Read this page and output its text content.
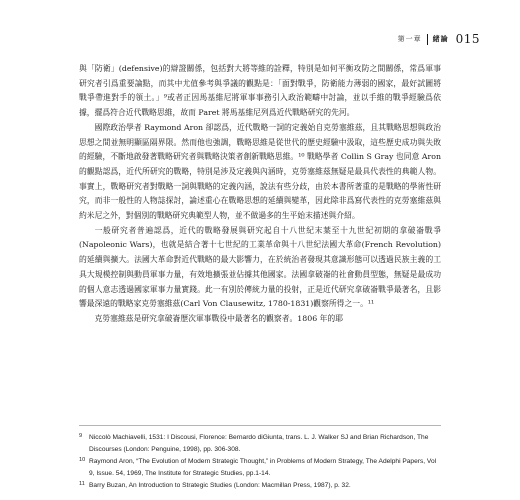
第一章 緒論 015

與「防衛」(defensive)的辯證關係，包括對大將等維的詮釋，特別是如何平衡攻防之間關係，常爲軍事研究者引爲重要論點，而其中尤值參考與爭議的觀點是：「面對戰爭，防衛能力薄弱的國家，最好試圖將戰爭帶進對手的領土。」⁹或者正因馬基維尼將軍事事務引入政治範疇中討論，並以手維的戰爭經驗爲依據，擺爲符合近代戰略思維，故而 Paret 將馬基維尼列爲近代戰略研究的先河。

國際政治學者 Raymond Aron 卻認爲，近代戰略一詞的定義始自克勞塞維茲，且其戰略思想與政治思想之間並無明顯區隔界限。然而他也強調，戰略思維是從世代的歷史經驗中汲取，這些歷史成功與失敗的經驗，不斷地啟發著戰略研究者與戰略決策者創新戰略思維。¹⁰ 戰略學者 Collin S Gray 也同意 Aron 的觀點認爲，近代所研究的戰略，特別是涉及定義與內涵時，克勞塞維茲無疑是最具代表性的典範人物。事實上，戰略研究者對戰略一詞與戰略的定義內涵，說法有些分歧，由於本書所著重的是戰略的學術性研究，而非一般性的人物誌探討，論述重心在戰略思想的延續與變革，因此除非爲寫代表性的克勞塞維茲與約米尼之外，對個別的戰略研究典範型人物，並不做過多的生平始末描述與介紹。

一般研究者普遍認爲，近代的戰略發展與研究起自十八世紀末葉至十九世紀初期的拿破崙戰爭(Napoleonic Wars)，也就是結合著十七世紀的工業革命與十八世紀法國大革命(French Revolution)的延續與擴大。法國大革命對近代戰略的最大影響力，在於統治者發現其意識形態可以透過民族主義的工具大規模控制與動員軍事力量，有效地擴張並佔據其他國家。法國拿破崙的社會動員型態，無疑是最成功的個人意志透過國家軍事力量實踐。此一有別於傳統力量的投射，正是近代研究拿破崙戰爭最著名，且影響最深遠的戰略家克勞塞維茲(Carl Von Clausewitz, 1780-1831)觀察所得之一。¹¹

克勞塞維茲是研究拿破崙歷次軍事戰役中最著名的觀察者。1806 年的耶

9	Niccolò Machiavelli, 1531: I Discousi, Florence: Bernardo diGiunta, trans. L. J. Walker SJ and Brian Richardson, The Discourses (London: Penguine, 1998), pp. 306-308.
10 Raymond Aron, “The Evolution of Modern Strategic Thought,” in Problems of Modern Strategy, The Adelphi Papers, Vol 9, Issue. 54, 1969, The Institute for Strategic Studies, pp.1-14.
11 Barry Buzan, An Introduction to Strategic Studies (London: Macmillan Press, 1987), p. 32.
